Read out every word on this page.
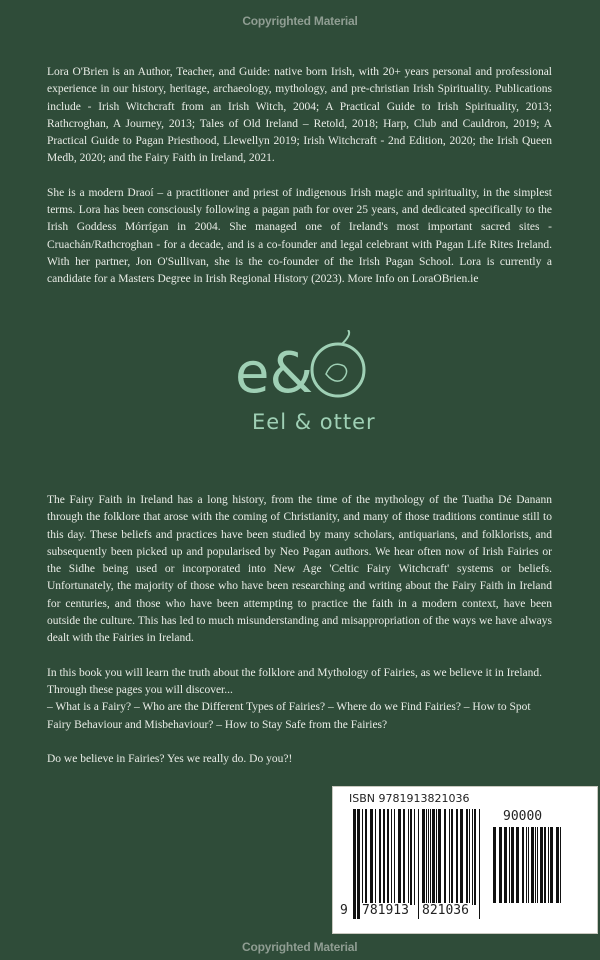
Copyrighted Material

Lora O'Brien is an Author, Teacher, and Guide: native born Irish, with 20+ years personal and professional experience in our history, heritage, archaeology, mythology, and pre-christian Irish Spirituality. Publications include - Irish Witchcraft from an Irish Witch, 2004; A Practical Guide to Irish Spirituality, 2013; Rathcroghan, A Journey, 2013; Tales of Old Ireland – Retold, 2018; Harp, Club and Cauldron, 2019; A Practical Guide to Pagan Priesthood, Llewellyn 2019; Irish Witchcraft - 2nd Edition, 2020; the Irish Queen Medb, 2020; and the Fairy Faith in Ireland, 2021.

She is a modern Draoí – a practitioner and priest of indigenous Irish magic and spirituality, in the simplest terms. Lora has been consciously following a pagan path for over 25 years, and dedicated specifically to the Irish Goddess Mórrígan in 2004. She managed one of Ireland's most important sacred sites - Cruachán/Rathcroghan - for a decade, and is a co-founder and legal celebrant with Pagan Life Rites Ireland. With her partner, Jon O'Sullivan, she is the co-founder of the Irish Pagan School. Lora is currently a candidate for a Masters Degree in Irish Regional History (2023). More Info on LoraOBrien.ie

e&
Eel & otter

The Fairy Faith in Ireland has a long history, from the time of the mythology of the Tuatha Dé Danann through the folklore that arose with the coming of Christianity, and many of those traditions continue still to this day. These beliefs and practices have been studied by many scholars, antiquarians, and folklorists, and subsequently been picked up and popularised by Neo Pagan authors. We hear often now of Irish Fairies or the Sidhe being used or incorporated into New Age 'Celtic Fairy Witchcraft' systems or beliefs. Unfortunately, the majority of those who have been researching and writing about the Fairy Faith in Ireland for centuries, and those who have been attempting to practice the faith in a modern context, have been outside the culture. This has led to much misunderstanding and misappropriation of the ways we have always dealt with the Fairies in Ireland.

In this book you will learn the truth about the folklore and Mythology of Fairies, as we believe it in Ireland. Through these pages you will discover...

– What is a Fairy? – Who are the Different Types of Fairies? – Where do we Find Fairies? – How to Spot Fairy Behaviour and Misbehaviour? – How to Stay Safe from the Fairies?

Do we believe in Fairies? Yes we really do. Do you?!

ISBN 9781913821036
90000
9 781913 821036
Copyrighted Material
